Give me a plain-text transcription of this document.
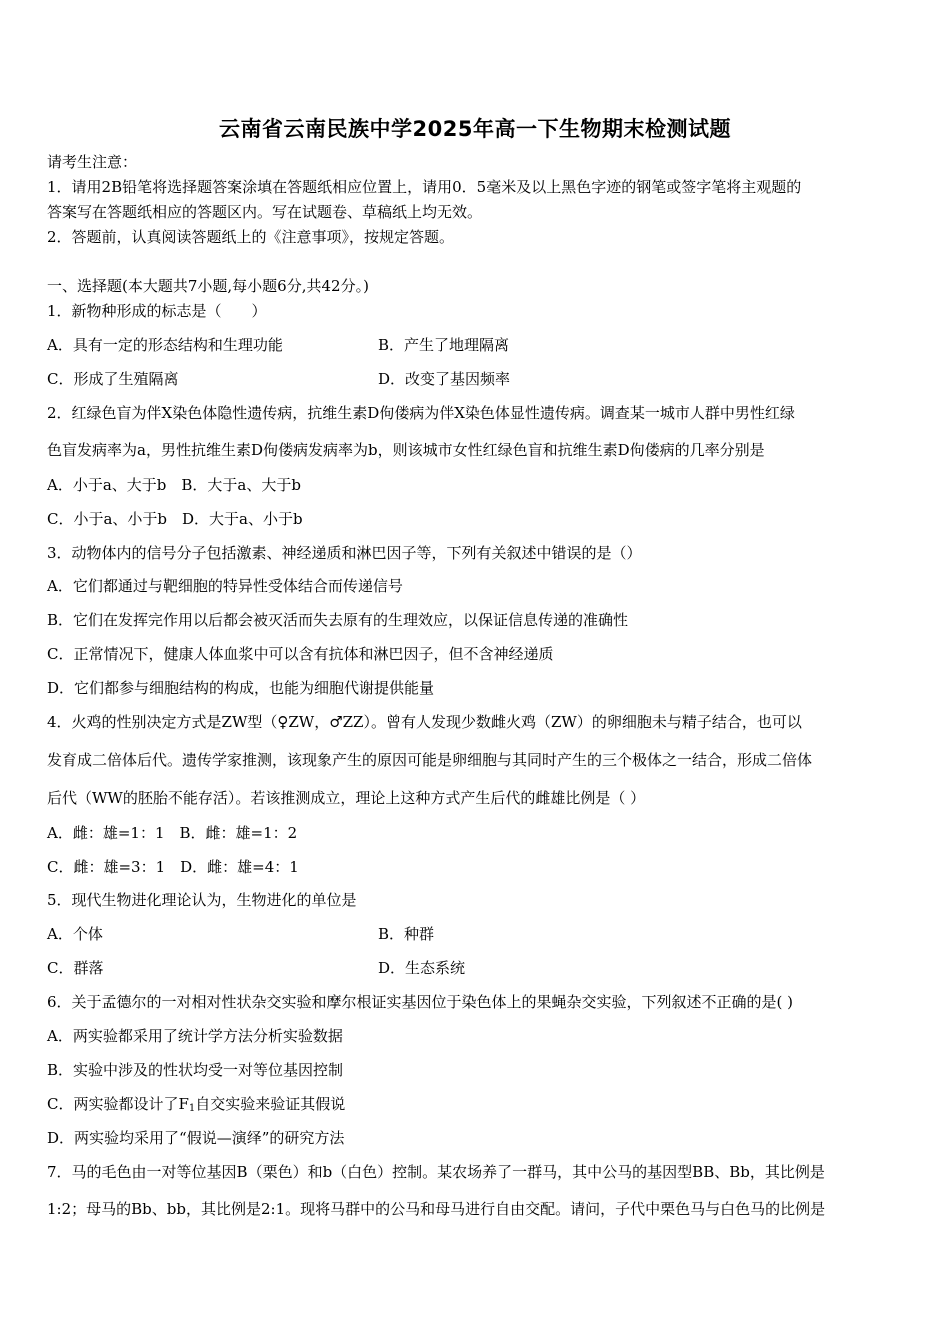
云南省云南民族中学2025年高一下生物期末检测试题
请考生注意：
1．请用2B铅笔将选择题答案涂填在答题纸相应位置上，请用0．5毫米及以上黑色字迹的钢笔或签字笔将主观题的
答案写在答题纸相应的答题区内。写在试题卷、草稿纸上均无效。
2．答题前，认真阅读答题纸上的《注意事项》，按规定答题。
一、选择题(本大题共7小题,每小题6分,共42分。)
1．新物种形成的标志是（　　）
A．具有一定的形态结构和生理功能	B．产生了地理隔离
C．形成了生殖隔离	D．改变了基因频率
2．红绿色盲为伴X染色体隐性遗传病，抗维生素D佝偻病为伴X染色体显性遗传病。调查某一城市人群中男性红绿
色盲发病率为a，男性抗维生素D佝偻病发病率为b，则该城市女性红绿色盲和抗维生素D佝偻病的几率分别是
A．小于a、大于b　B．大于a、大于b
C．小于a、小于b　D．大于a、小于b
3．动物体内的信号分子包括激素、神经递质和淋巴因子等，下列有关叙述中错误的是（）
A．它们都通过与靶细胞的特异性受体结合而传递信号
B．它们在发挥完作用以后都会被灭活而失去原有的生理效应，以保证信息传递的准确性
C．正常情况下，健康人体血浆中可以含有抗体和淋巴因子，但不含神经递质
D．它们都参与细胞结构的构成，也能为细胞代谢提供能量
4．火鸡的性别决定方式是ZW型（♀ZW，♂ZZ）。曾有人发现少数雌火鸡（ZW）的卵细胞未与精子结合，也可以
发育成二倍体后代。遗传学家推测，该现象产生的原因可能是卵细胞与其同时产生的三个极体之一结合，形成二倍体
后代（WW的胚胎不能存活）。若该推测成立，理论上这种方式产生后代的雌雄比例是（ ）
A．雌：雄=1：1　B．雌：雄=1：2
C．雌：雄=3：1　D．雌：雄=4：1
5．现代生物进化理论认为，生物进化的单位是
A．个体	B．种群
C．群落	D．生态系统
6．关于孟德尔的一对相对性状杂交实验和摩尔根证实基因位于染色体上的果蝇杂交实验，下列叙述不正确的是( )
A．两实验都采用了统计学方法分析实验数据
B．实验中涉及的性状均受一对等位基因控制
C．两实验都设计了$F_1$自交实验来验证其假说
D．两实验均采用了“假说—演绎”的研究方法
7．马的毛色由一对等位基因B（栗色）和b（白色）控制。某农场养了一群马，其中公马的基因型BB、Bb，其比例是
1:2；母马的Bb、bb，其比例是2:1。现将马群中的公马和母马进行自由交配。请问，子代中栗色马与白色马的比例是
